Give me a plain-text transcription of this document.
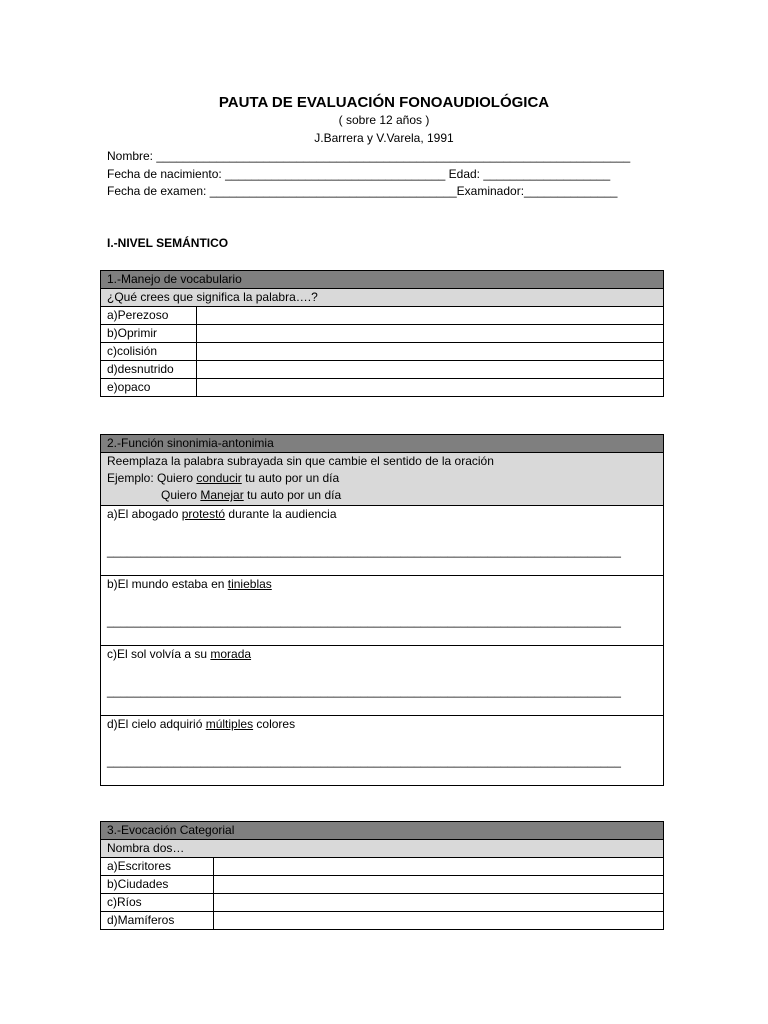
PAUTA DE EVALUACIÓN FONOAUDIOLÓGICA
( sobre 12 años )
J.Barrera y V.Varela, 1991
Nombre: _______________________________________________________________________
Fecha de nacimiento: _________________________________ Edad: ___________________
Fecha de examen: _____________________________________Examinador:______________
I.-NIVEL SEMÁNTICO
1.-Manejo de vocabulario	
¿Qué crees que significa la palabra….?	
a)Perezoso	
b)Oprimir	
c)colisión	
d)desnutrido	
e)opaco	
2.-Función sinonimia-antonimia

Reemplaza la palabra subrayada sin que cambie el sentido de la oración
Ejemplo: Quiero conducir tu auto por un día
Quiero Manejar tu auto por un día

a)El abogado protestó durante la audiencia
_____________________________________________________________________________

b)El mundo estaba en tinieblas
_____________________________________________________________________________

c)El sol volvía a su morada
_____________________________________________________________________________

d)El cielo adquirió múltiples colores
_____________________________________________________________________________
3.-Evocación Categorial	
Nombra dos…	
a)Escritores	
b)Ciudades	
c)Ríos	
d)Mamíferos	
